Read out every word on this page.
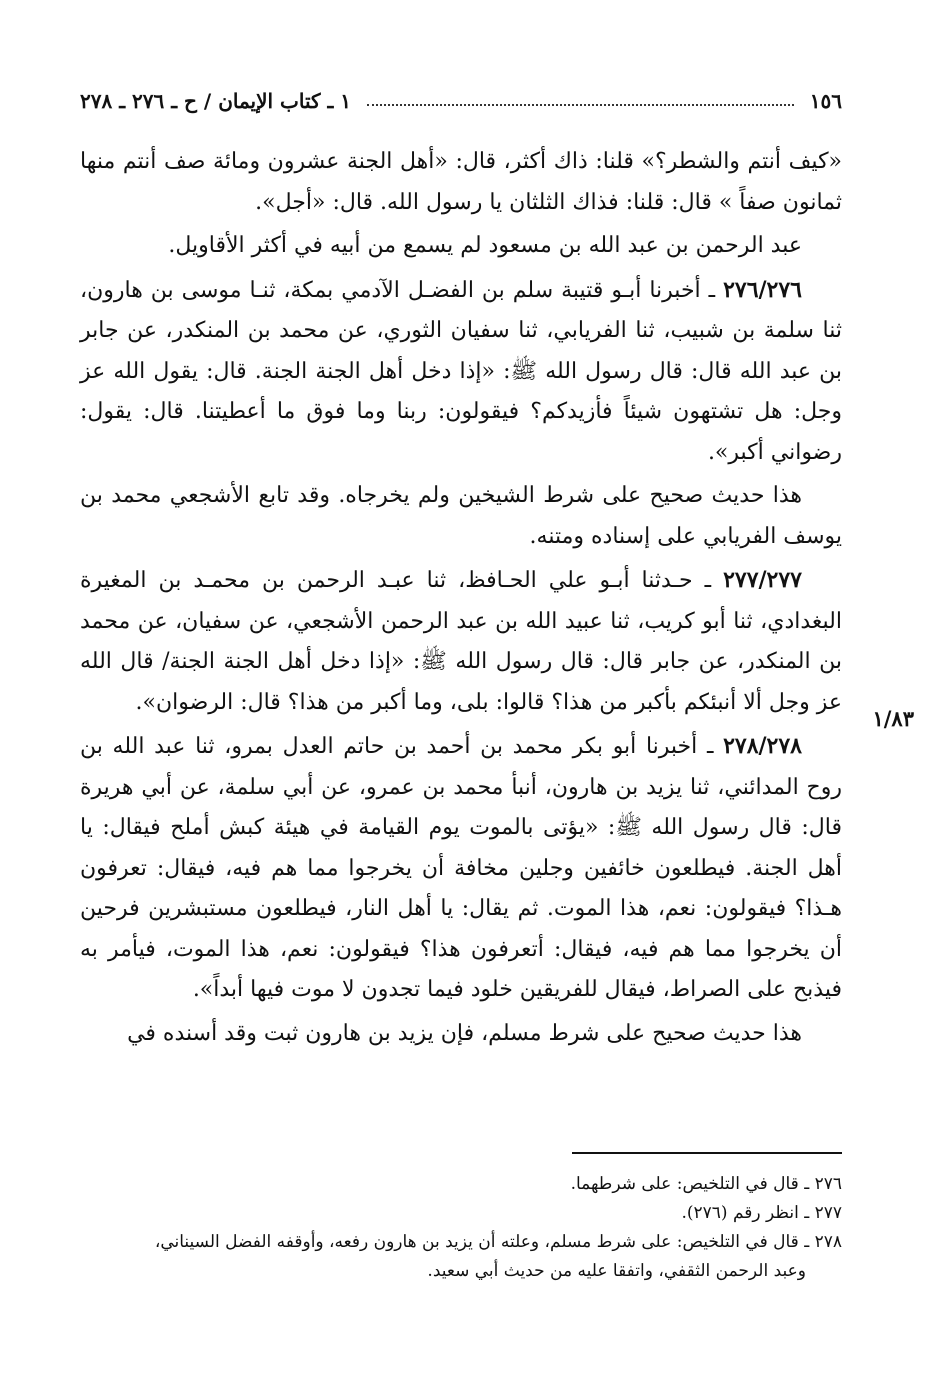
١٥٦
١ ـ كتاب الإيمان / ح ـ ٢٧٦ ـ ٢٧٨

«كيف أنتم والشطر؟» قلنا: ذاك أكثر، قال: «أهل الجنة عشرون ومائة صف أنتم منها ثمانون صفاً » قال: قلنا: فذاك الثلثان يا رسول الله. قال: «أجل».

عبد الرحمن بن عبد الله بن مسعود لم يسمع من أبيه في أكثر الأقاويل.

٢٧٦/٢٧٦ ـ أخبرنا أبـو قتيبة سلم بن الفضـل الآدمي بمكة، ثنـا موسى بن هارون، ثنا سلمة بن شبيب، ثنا الفريابي، ثنا سفيان الثوري، عن محمد بن المنكدر، عن جابر بن عبد الله قال: قال رسول الله ﷺ: «إذا دخل أهل الجنة الجنة. قال: يقول الله عز وجل: هل تشتهون شيئاً فأزيدكم؟ فيقولون: ربنا وما فوق ما أعطيتنا. قال: يقول: رضواني أكبر».

هذا حديث صحيح على شرط الشيخين ولم يخرجاه. وقد تابع الأشجعي محمد بن يوسف الفريابي على إسناده ومتنه.

٢٧٧/٢٧٧ ـ حـدثنا أبـو علي الحـافظ، ثنا عبـد الرحمن بن محمـد بن المغيرة البغدادي، ثنا أبو كريب، ثنا عبيد الله بن عبد الرحمن الأشجعي، عن سفيان، عن محمد بن المنكدر، عن جابر قال: قال رسول الله ﷺ: «إذا دخل أهل الجنة الجنة/ قال الله عز وجل ألا أنبئكم بأكبر من هذا؟ قالوا: بلى، وما أكبر من هذا؟ قال: الرضوان».

٢٧٨/٢٧٨ ـ أخبرنا أبو بكر محمد بن أحمد بن حاتم العدل بمرو، ثنا عبد الله بن روح المدائني، ثنا يزيد بن هارون، أنبأ محمد بن عمرو، عن أبي سلمة، عن أبي هريرة قال: قال رسول الله ﷺ: «يؤتى بالموت يوم القيامة في هيئة كبش أملح فيقال: يا أهل الجنة. فيطلعون خائفين وجلين مخافة أن يخرجوا مما هم فيه، فيقال: تعرفون هـذا؟ فيقولون: نعم، هذا الموت. ثم يقال: يا أهل النار، فيطلعون مستبشرين فرحين أن يخرجوا مما هم فيه، فيقال: أتعرفون هذا؟ فيقولون: نعم، هذا الموت، فيأمر به فيذبح على الصراط، فيقال للفريقين خلود فيما تجدون لا موت فيها أبداً».

هذا حديث صحيح على شرط مسلم، فإن يزيد بن هارون ثبت وقد أسنده في

١/٨٣

٢٧٦ ـ قال في التلخيص: على شرطهما.

٢٧٧ ـ انظر رقم (٢٧٦).

٢٧٨ ـ قال في التلخيص: على شرط مسلم، وعلته أن يزيد بن هارون رفعه، وأوقفه الفضل السيناني،

وعبد الرحمن الثقفي، واتفقا عليه من حديث أبي سعيد.
